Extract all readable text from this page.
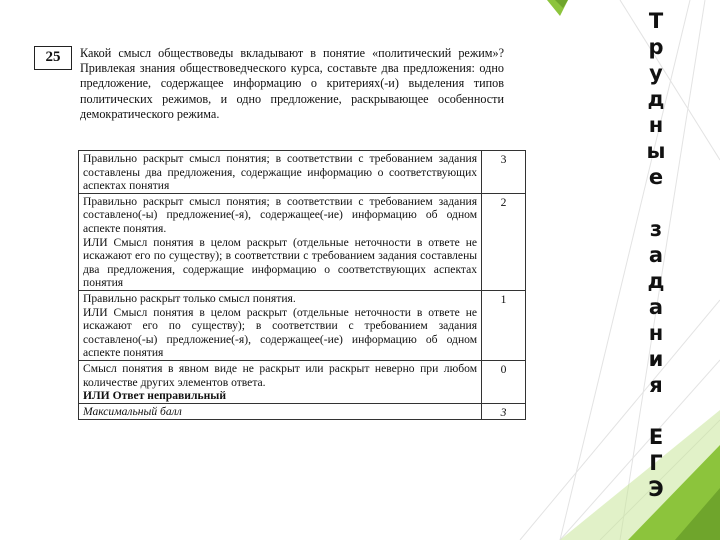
Т
р
у
д
н
ы
е
з
а
д
а
н
и
я
Е
Г
Э
25	Какой смысл обществоведы вкладывают в понятие «политический режим»? Привлекая знания обществоведческого курса, составьте два предложения: одно предложение, содержащее информацию о критериях(-и) выделения типов политических режимов, и одно предложение, раскрывающее особенности демократического режима.
Правильно раскрыт смысл понятия; в соответствии с требованием задания составлены два предложения, содержащие информацию о соответствующих аспектах понятия	3

Правильно раскрыт смысл понятия; в соответствии с требованием задания составлено(-ы) предложение(-я), содержащее(-ие) информацию об одном аспекте понятия.
ИЛИ Смысл понятия в целом раскрыт (отдельные неточности в ответе не искажают его по существу); в соответствии с требованием задания составлены два предложения, содержащие информацию о соответствующих аспектах понятия	2

Правильно раскрыт только смысл понятия.
ИЛИ Смысл понятия в целом раскрыт (отдельные неточности в ответе не искажают его по существу); в соответствии с требованием задания составлено(-ы) предложение(-я), содержащее(-ие) информацию об одном аспекте понятия	1

Смысл понятия в явном виде не раскрыт или раскрыт неверно при любом количестве других элементов ответа.
ИЛИ Ответ неправильный	0
Максимальный балл	3
